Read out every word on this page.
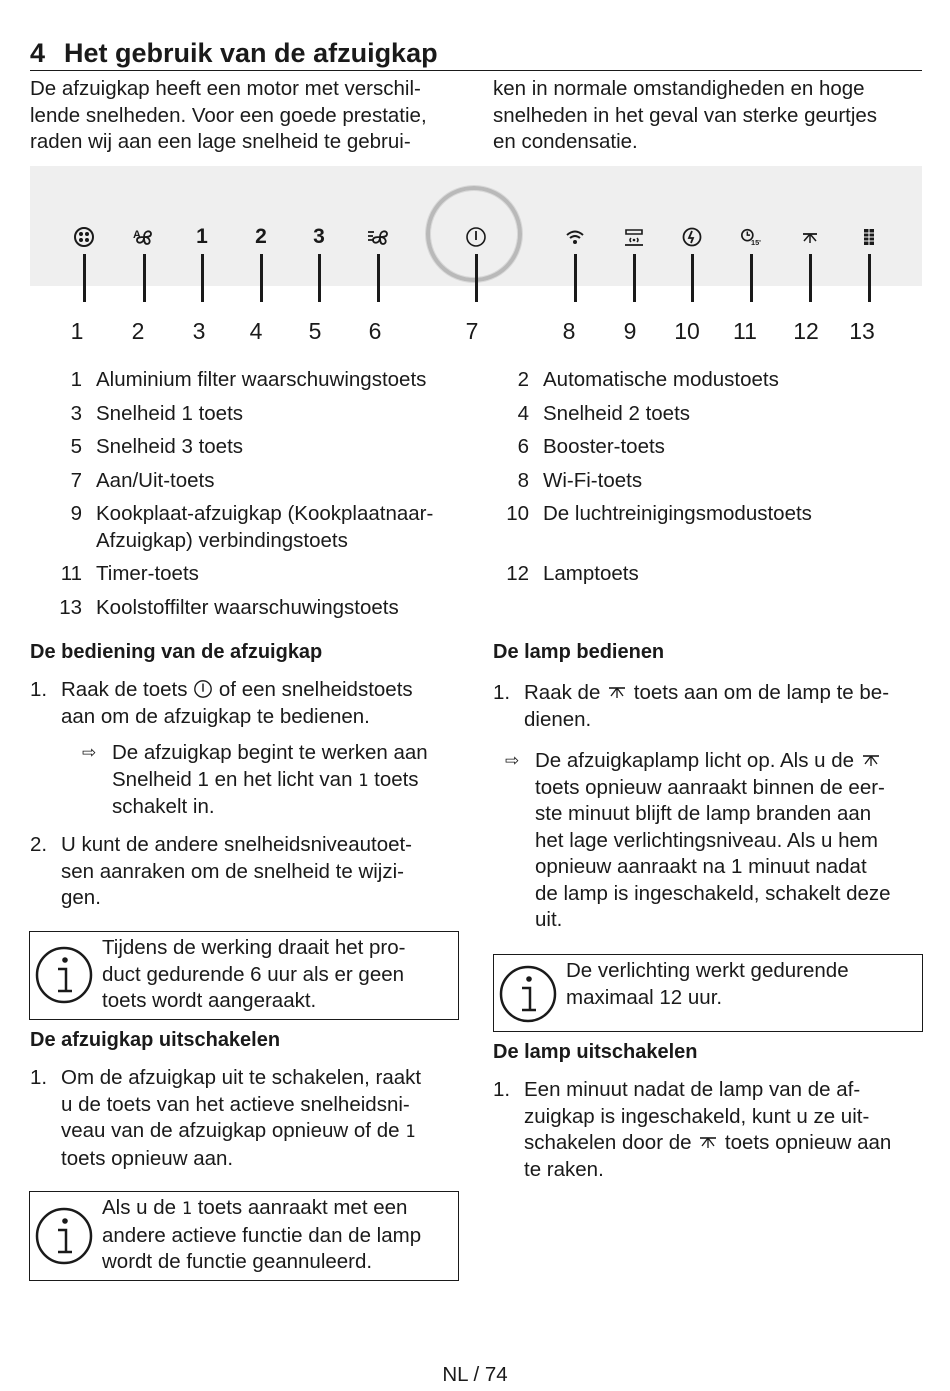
4 Het gebruik van de afzuigkap

De afzuigkap heeft een motor met verschil-
lende snelheden. Voor een goede prestatie,
raden wij aan een lage snelheid te gebrui-

ken in normale omstandigheden en hoge
snelheden in het geval van sterke geurtjes
en condensatie.

A	1	2	3	15'
1	2	3	4	5	6	7	8	9	10	11	12	13
1 Aluminium filter waarschuwingstoets
3 Snelheid 1 toets
5 Snelheid 3 toets
7 Aan/Uit-toets
9 Kookplaat-afzuigkap (Kookplaatnaar-
Afzuigkap) verbindingstoets
11 Timer-toets
13 Koolstoffilter waarschuwingstoets
2 Automatische modustoets
4 Snelheid 2 toets
6 Booster-toets
8 Wi-Fi-toets
10 De luchtreinigingsmodustoets
12 Lamptoets
De bediening van de afzuigkap
1. Raak de toets  of een snelheidstoets
aan om de afzuigkap te bedienen.
⇨ De afzuigkap begint te werken aan
Snelheid 1 en het licht van 1 toets
schakelt in.
2. U kunt de andere snelheidsniveautoet-
sen aanraken om de snelheid te wijzi-
gen.
Tijdens de werking draait het pro-
duct gedurende 6 uur als er geen
toets wordt aangeraakt.
De afzuigkap uitschakelen
1. Om de afzuigkap uit te schakelen, raakt
u de toets van het actieve snelheidsni-
veau van de afzuigkap opnieuw of de 1
toets opnieuw aan.
Als u de 1 toets aanraakt met een
andere actieve functie dan de lamp
wordt de functie geannuleerd.
De lamp bedienen
1. Raak de  toets aan om de lamp te be-
dienen.
⇨ De afzuigkaplamp licht op. Als u de
toets opnieuw aanraakt binnen de eer-
ste minuut blijft de lamp branden aan
het lage verlichtingsniveau. Als u hem
opnieuw aanraakt na 1 minuut nadat
de lamp is ingeschakeld, schakelt deze
uit.
De verlichting werkt gedurende
maximaal 12 uur.
De lamp uitschakelen
1. Een minuut nadat de lamp van de af-
zuigkap is ingeschakeld, kunt u ze uit-
schakelen door de  toets opnieuw aan
te raken.
NL / 74
